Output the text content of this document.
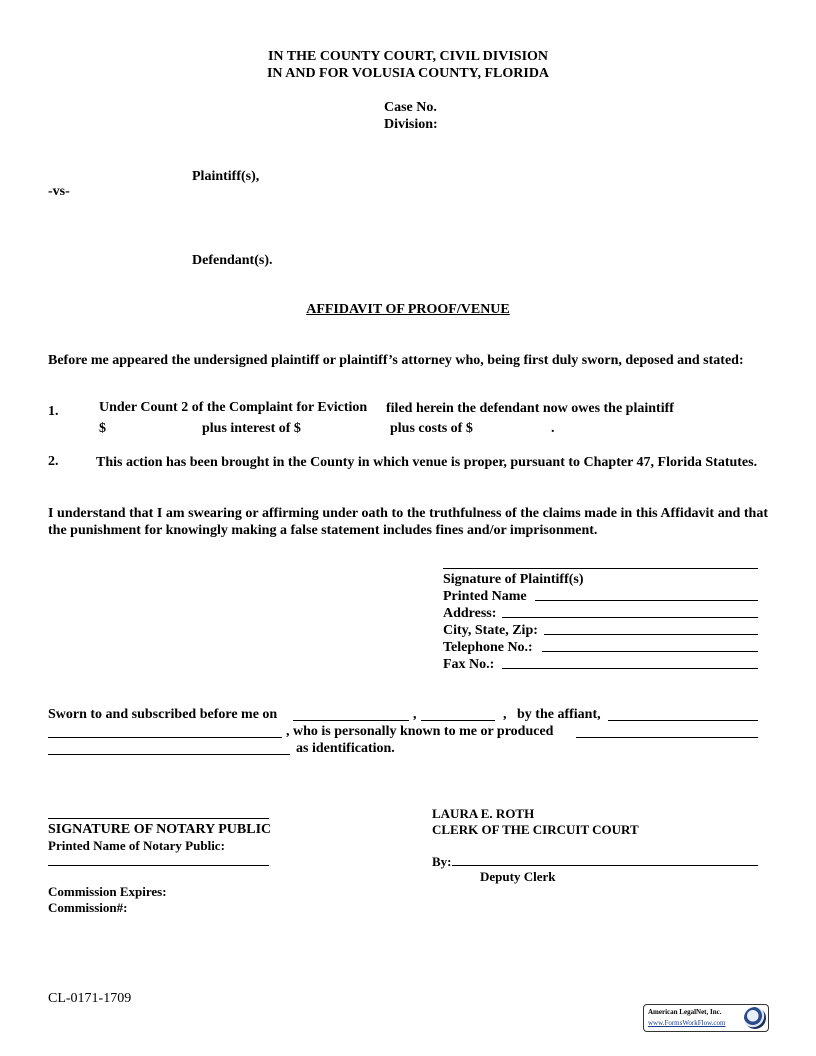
IN THE COUNTY COURT, CIVIL DIVISION
IN AND FOR VOLUSIA COUNTY, FLORIDA
Case No.
Division:
Plaintiff(s),
-vs-
Defendant(s).
AFFIDAVIT OF PROOF/VENUE
Before me appeared the undersigned plaintiff or plaintiff’s attorney who, being first duly sworn, deposed and stated:
1.	Under Count 2 of the Complaint for Eviction filed herein the defendant now owes the plaintiff
$	plus interest of $	plus costs of $	.
2.	This action has been brought in the County in which venue is proper, pursuant to Chapter 47, Florida Statutes.
I understand that I am swearing or affirming under oath to the truthfulness of the claims made in this Affidavit and that the punishment for knowingly making a false statement includes fines and/or imprisonment.
Signature of Plaintiff(s)
Printed Name
Address:
City, State, Zip:
Telephone No.:
Fax No.:
Sworn to and subscribed before me on	,	, by the affiant,
, who is personally known to me or produced
as identification.
SIGNATURE OF NOTARY PUBLIC
Printed Name of Notary Public:
Commission Expires:
Commission#:
LAURA E. ROTH
CLERK OF THE CIRCUIT COURT
By:
Deputy Clerk
CL-0171-1709
American LegalNet, Inc.
www.FormsWorkFlow.com
